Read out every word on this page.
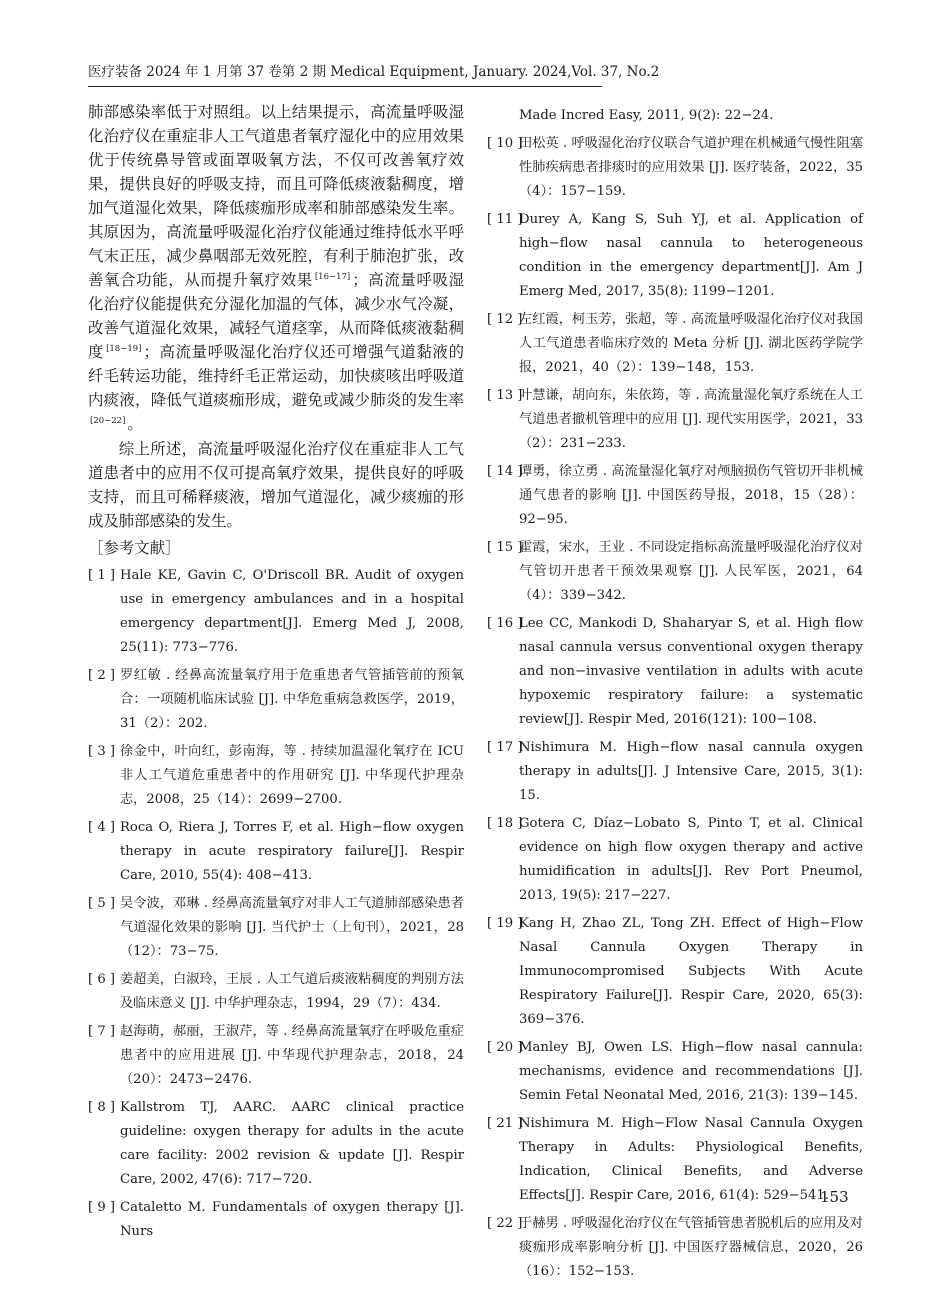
医疗装备 2024 年 1 月第 37 卷第 2 期 Medical Equipment, January. 2024,Vol. 37, No.2

肺部感染率低于对照组。以上结果提示，高流量呼吸湿化治疗仪在重症非人工气道患者氧疗湿化中的应用效果优于传统鼻导管或面罩吸氧方法，不仅可改善氧疗效果，提供良好的呼吸支持，而且可降低痰液黏稠度，增加气道湿化效果，降低痰痂形成率和肺部感染发生率。其原因为，高流量呼吸湿化治疗仪能通过维持低水平呼气末正压，减少鼻咽部无效死腔，有利于肺泡扩张，改善氧合功能，从而提升氧疗效果 [16−17] ；高流量呼吸湿化治疗仪能提供充分湿化加温的气体，减少水气冷凝，改善气道湿化效果，减轻气道痉挛，从而降低痰液黏稠度 [18−19] ；高流量呼吸湿化治疗仪还可增强气道黏液的纤毛转运功能，维持纤毛正常运动，加快痰咳出呼吸道内痰液，降低气道痰痂形成，避免或减少肺炎的发生率[20−22] 。

综上所述，高流量呼吸湿化治疗仪在重症非人工气道患者中的应用不仅可提高氧疗效果，提供良好的呼吸支持，而且可稀释痰液，增加气道湿化，减少痰痂的形成及肺部感染的发生。

［参考文献］
[ 1 ] Hale KE, Gavin C, O'Driscoll BR. Audit of oxygen use in emergency ambulances and in a hospital emergency department[J]. Emerg Med J, 2008, 25(11): 773−776.
[ 2 ] 罗红敏 . 经鼻高流量氧疗用于危重患者气管插管前的预氧合：一项随机临床试验 [J]. 中华危重病急救医学，2019，31（2）：202.
[ 3 ] 徐金中，叶向红，彭南海，等 . 持续加温湿化氧疗在 ICU 非人工气道危重患者中的作用研究 [J]. 中华现代护理杂志，2008，25（14）：2699−2700.
[ 4 ] Roca O, Riera J, Torres F, et al. High−flow oxygen therapy in acute respiratory failure[J]. Respir Care, 2010, 55(4): 408−413.
[ 5 ] 吴令波，邓琳 . 经鼻高流量氧疗对非人工气道肺部感染患者气道湿化效果的影响 [J]. 当代护士（上旬刊），2021，28（12）：73−75.
[ 6 ] 姜超美，白淑玲，王辰 . 人工气道后痰液粘稠度的判别方法及临床意义 [J]. 中华护理杂志，1994，29（7）：434.
[ 7 ] 赵海萌，郝丽，王淑芹，等 . 经鼻高流量氧疗在呼吸危重症患者中的应用进展 [J]. 中华现代护理杂志，2018，24（20）：2473−2476.
[ 8 ] Kallstrom TJ, AARC. AARC clinical practice guideline: oxygen therapy for adults in the acute care facility: 2002 revision & update [J]. Respir Care, 2002, 47(6): 717−720.
[ 9 ] Cataletto M. Fundamentals of oxygen therapy [J]. Nurs
Made Incred Easy, 2011, 9(2): 22−24.
[ 10 ]
田松英 . 呼吸湿化治疗仪联合气道护理在机械通气慢性阻塞性肺疾病患者排痰时的应用效果 [J]. 医疗装备，2022，35（4）：157−159.
[ 11 ]
Durey A, Kang S, Suh YJ, et al. Application of high−flow nasal cannula to heterogeneous condition in the emergency department[J]. Am J Emerg Med, 2017, 35(8): 1199−1201.
[ 12 ]
左红霞，柯玉芳，张超，等 . 高流量呼吸湿化治疗仪对我国人工气道患者临床疗效的 Meta 分析 [J]. 湖北医药学院学报，2021，40（2）：139−148，153.
[ 13 ]
叶慧谦，胡向东，朱依筠，等 . 高流量湿化氧疗系统在人工气道患者撤机管理中的应用 [J]. 现代实用医学，2021，33（2）：231−233.
[ 14 ]
谭勇，徐立勇 . 高流量湿化氧疗对颅脑损伤气管切开非机械通气患者的影响 [J]. 中国医药导报，2018，15（28）：92−95.
[ 15 ]
霍霞，宋水，王业 . 不同设定指标高流量呼吸湿化治疗仪对气管切开患者干预效果观察 [J]. 人民军医，2021，64（4）：339−342.
[ 16 ]
Lee CC, Mankodi D, Shaharyar S, et al. High flow nasal cannula versus conventional oxygen therapy and non−invasive ventilation in adults with acute hypoxemic respiratory failure: a systematic review[J]. Respir Med, 2016(121): 100−108.
[ 17 ]
Nishimura M. High−flow nasal cannula oxygen therapy in adults[J]. J Intensive Care, 2015, 3(1): 15.
[ 18 ]
Gotera C, Díaz−Lobato S, Pinto T, et al. Clinical evidence on high flow oxygen therapy and active humidification in adults[J]. Rev Port Pneumol, 2013, 19(5): 217−227.
[ 19 ]
Kang H, Zhao ZL, Tong ZH. Effect of High−Flow Nasal Cannula Oxygen Therapy in Immunocompromised Subjects With Acute Respiratory Failure[J]. Respir Care, 2020, 65(3): 369−376.
[ 20 ]
Manley BJ, Owen LS. High−flow nasal cannula: mechanisms, evidence and recommendations [J]. Semin Fetal Neonatal Med, 2016, 21(3): 139−145.
[ 21 ]
Nishimura M. High−Flow Nasal Cannula Oxygen Therapy in Adults: Physiological Benefits, Indication, Clinical Benefits, and Adverse Effects[J]. Respir Care, 2016, 61(4): 529−541.
[ 22 ]
于赫男 . 呼吸湿化治疗仪在气管插管患者脱机后的应用及对痰痂形成率影响分析 [J]. 中国医疗器械信息，2020，26（16）：152−153.
153
